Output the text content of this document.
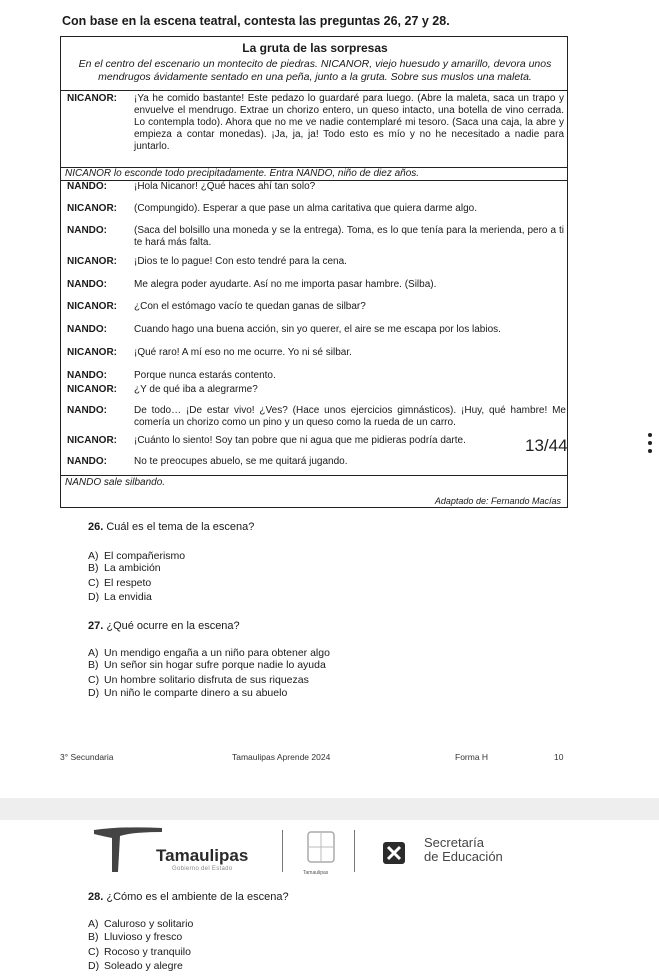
Con base en la escena teatral, contesta las preguntas 26, 27 y 28.
La gruta de las sorpresas
En el centro del escenario un montecito de piedras. NICANOR, viejo huesudo y amarillo, devora unos mendrugos ávidamente sentado en una peña, junto a la gruta. Sobre sus muslos una maleta.
NICANOR: ¡Ya he comido bastante! Este pedazo lo guardaré para luego. (Abre la maleta, saca un trapo y envuelve el mendrugo. Extrae un chorizo entero, un queso intacto, una botella de vino cerrada. Lo contempla todo). Ahora que no me ve nadie contemplaré mi tesoro. (Saca una caja, la abre y empieza a contar monedas). ¡Ja, ja, ja! Todo esto es mío y no he necesitado a nadie para juntarlo.
NICANOR lo esconde todo precipitadamente. Entra NANDO, niño de diez años.
NANDO:	¡Hola Nicanor! ¿Qué haces ahí tan solo?
NICANOR: (Compungido). Esperar a que pase un alma caritativa que quiera darme algo.
NANDO:	(Saca del bolsillo una moneda y se la entrega). Toma, es lo que tenía para la merienda, pero a ti te hará más falta.
NICANOR: ¡Dios te lo pague! Con esto tendré para la cena.
NANDO:	Me alegra poder ayudarte. Así no me importa pasar hambre. (Silba).
NICANOR: ¿Con el estómago vacío te quedan ganas de silbar?
NANDO:	Cuando hago una buena acción, sin yo querer, el aire se me escapa por los labios.
NICANOR: ¡Qué raro! A mí eso no me ocurre. Yo ni sé silbar.
NANDO:	Porque nunca estarás contento.
NICANOR: ¿Y de qué iba a alegrarme?
NANDO:	De todo… ¡De estar vivo! ¿Ves? (Hace unos ejercicios gimnásticos). ¡Huy, qué hambre! Me comería un chorizo como un pino y un queso como la rueda de un carro.
NICANOR: ¡Cuánto lo siento! Soy tan pobre que ni agua que me pidieras podría darte.
NANDO:	No te preocupes abuelo, se me quitará jugando.
NANDO sale silbando.
Adaptado de: Fernando Macías
26. Cuál es el tema de la escena?
A) El compañerismo
B) La ambición
C) El respeto
D) La envidia
27. ¿Qué ocurre en la escena?
A) Un mendigo engaña a un niño para obtener algo
B) Un señor sin hogar sufre porque nadie lo ayuda
C) Un hombre solitario disfruta de sus riquezas
D) Un niño le comparte dinero a su abuelo
3° Secundaria	Tamaulipas Aprende 2024	Forma H	10
13/44
Tamaulipas
Gobierno del Estado
Tamaulipas
Secretaría
de Educación
28. ¿Cómo es el ambiente de la escena?
A) Caluroso y solitario
B) Lluvioso y fresco
C) Rocoso y tranquilo
D) Soleado y alegre
